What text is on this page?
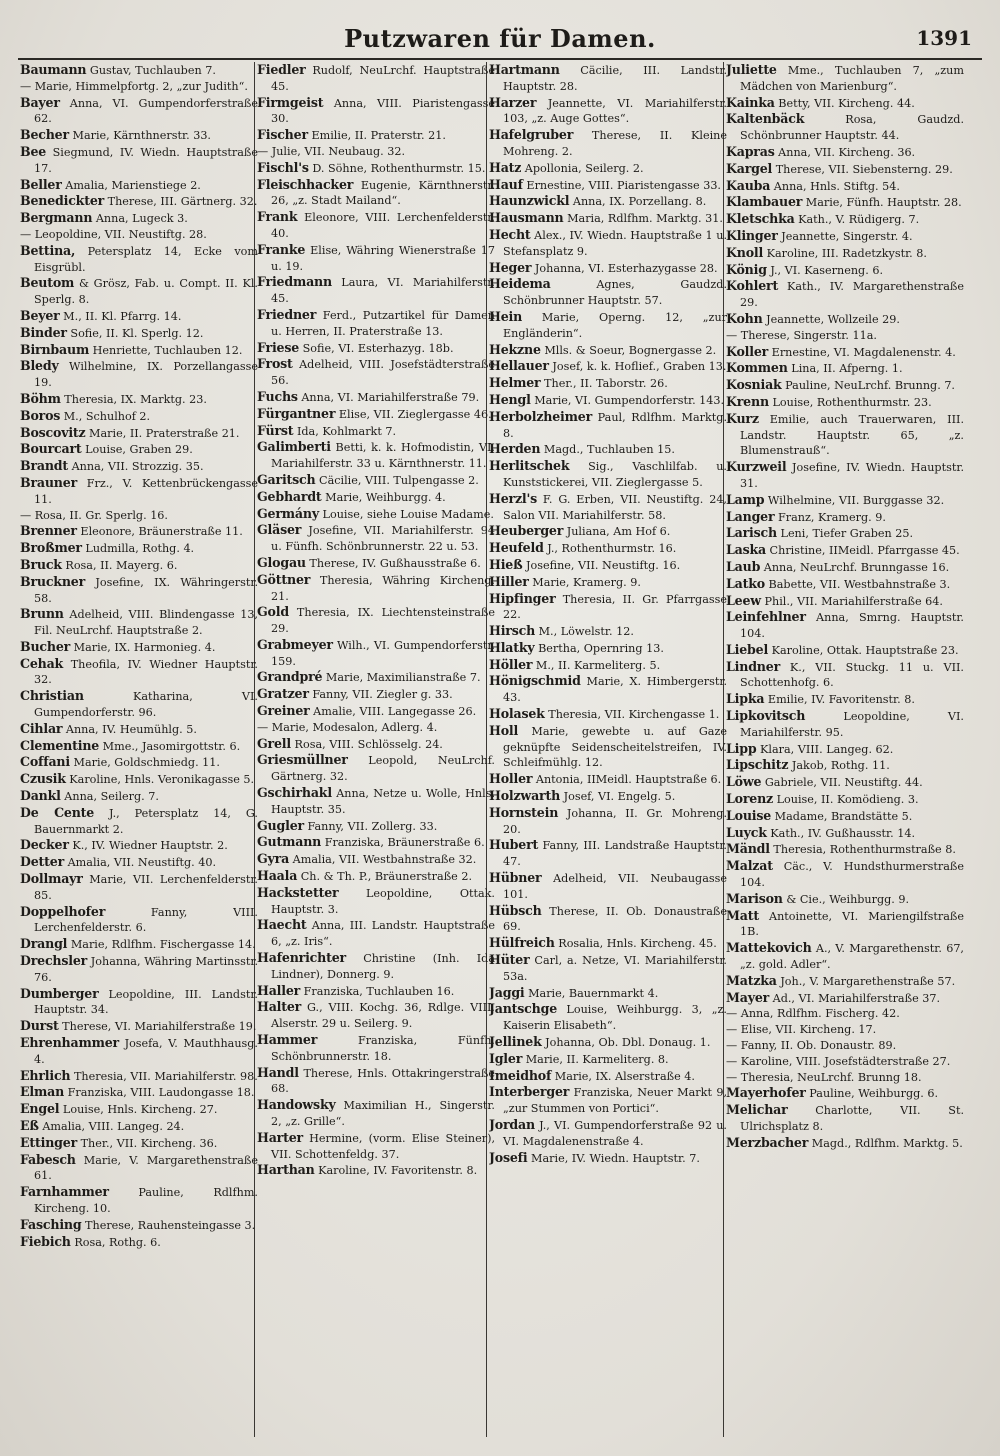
Putzwaren für Damen.	1391

Baumann Gustav, Tuchlauben 7.

— Marie, Himmelpfortg. 2, „zur Judith“.

Bayer Anna, VI. Gumpendorferstraße 62.

Becher Marie, Kärnthnerstr. 33.

Bee Siegmund, IV. Wiedn. Hauptstraße 17.

Beller Amalia, Marienstiege 2.

Benedickter Therese, III. Gärtnerg. 32.

Bergmann Anna, Lugeck 3.

— Leopoldine, VII. Neustiftg. 28.

Bettina, Petersplatz 14, Ecke vom Eisgrübl.

Beutom & Grösz, Fab. u. Compt. II. Kl. Sperlg. 8.

Beyer M., II. Kl. Pfarrg. 14.

Binder Sofie, II. Kl. Sperlg. 12.

Birnbaum Henriette, Tuchlauben 12.

Bledy Wilhelmine, IX. Porzellangasse 19.

Böhm Theresia, IX. Marktg. 23.

Boros M., Schulhof 2.

Boscovitz Marie, II. Praterstraße 21.

Bourcart Louise, Graben 29.

Brandt Anna, VII. Strozzig. 35.

Brauner Frz., V. Kettenbrückengasse 11.

— Rosa, II. Gr. Sperlg. 16.

Brenner Eleonore, Bräunerstraße 11.

Broßmer Ludmilla, Rothg. 4.

Bruck Rosa, II. Mayerg. 6.

Bruckner Josefine, IX. Währingerstr. 58.

Brunn Adelheid, VIII. Blindengasse 13, Fil. NeuLrchf. Hauptstraße 2.

Bucher Marie, IX. Harmonieg. 4.

Cehak Theofila, IV. Wiedner Hauptstr. 32.

Christian Katharina, VI. Gumpendorferstr. 96.

Cihlar Anna, IV. Heumühlg. 5.

Clementine Mme., Jasomirgottstr. 6.

Coffani Marie, Goldschmiedg. 11.

Czusik Karoline, Hnls. Veronikagasse 5.

Dankl Anna, Seilerg. 7.

De Cente J., Petersplatz 14, G. Bauernmarkt 2.

Decker K., IV. Wiedner Hauptstr. 2.

Detter Amalia, VII. Neustiftg. 40.

Dollmayr Marie, VII. Lerchenfelderstr. 85.

Doppelhofer Fanny, VIII. Lerchenfelderstr. 6.

Drangl Marie, Rdlfhm. Fischergasse 14.

Drechsler Johanna, Währing Martinsstr. 76.

Dumberger Leopoldine, III. Landstr. Hauptstr. 34.

Durst Therese, VI. Mariahilferstraße 19.

Ehrenhammer Josefa, V. Mauthhausg. 4.

Ehrlich Theresia, VII. Mariahilferstr. 98.

Elman Franziska, VIII. Laudongasse 18.

Engel Louise, Hnls. Kircheng. 27.

Eß Amalia, VIII. Langeg. 24.

Ettinger Ther., VII. Kircheng. 36.

Fabesch Marie, V. Margarethenstraße 61.

Farnhammer Pauline, Rdlfhm. Kircheng. 10.

Fasching Therese, Rauhensteingasse 3.

Fiebich Rosa, Rothg. 6.

Fiedler Rudolf, NeuLrchf. Hauptstraße 45.

Firmgeist Anna, VIII. Piaristengasse 30.

Fischer Emilie, II. Praterstr. 21.

— Julie, VII. Neubaug. 32.

Fischl's D. Söhne, Rothenthurmstr. 15.

Fleischhacker Eugenie, Kärnthnerstr. 26, „z. Stadt Mailand“.

Frank Eleonore, VIII. Lerchenfelderstr. 40.

Franke Elise, Währing Wienerstraße 17 u. 19.

Friedmann Laura, VI. Mariahilferstr. 45.

Friedner Ferd., Putzartikel für Damen u. Herren, II. Praterstraße 13.

Friese Sofie, VI. Esterhazyg. 18b.

Frost Adelheid, VIII. Josefstädterstraße 56.

Fuchs Anna, VI. Mariahilferstraße 79.

Fürgantner Elise, VII. Zieglergasse 46.

Fürst Ida, Kohlmarkt 7.

Galimberti Betti, k. k. Hofmodistin, VI. Mariahilferstr. 33 u. Kärnthnerstr. 11.

Garitsch Cäcilie, VIII. Tulpengasse 2.

Gebhardt Marie, Weihburgg. 4.

Germány Louise, siehe Louise Madame.

Gläser Josefine, VII. Mariahilferstr. 94 u. Fünfh. Schönbrunnerstr. 22 u. 53.

Glogau Therese, IV. Gußhausstraße 6.

Göttner Theresia, Währing Kircheng. 21.

Gold Theresia, IX. Liechtensteinstraße 29.

Grabmeyer Wilh., VI. Gumpendorferstr. 159.

Grandpré Marie, Maximilianstraße 7.

Gratzer Fanny, VII. Ziegler g. 33.

Greiner Amalie, VIII. Langegasse 26.

— Marie, Modesalon, Adlerg. 4.

Grell Rosa, VIII. Schlösselg. 24.

Griesmüllner Leopold, NeuLrchf. Gärtnerg. 32.

Gschirhakl Anna, Netze u. Wolle, Hnls. Hauptstr. 35.

Gugler Fanny, VII. Zollerg. 33.

Gutmann Franziska, Bräunerstraße 6.

Gyra Amalia, VII. Westbahnstraße 32.

Haala Ch. & Th. P., Bräunerstraße 2.

Hackstetter Leopoldine, Ottak. Hauptstr. 3.

Haecht Anna, III. Landstr. Hauptstraße 6, „z. Iris“.

Hafenrichter Christine (Inh. Ida Lindner), Donnerg. 9.

Haller Franziska, Tuchlauben 16.

Halter G., VIII. Kochg. 36, Rdlge. VIII. Alserstr. 29 u. Seilerg. 9.

Hammer Franziska, Fünfh. Schönbrunnerstr. 18.

Handl Therese, Hnls. Ottakringerstraße 68.

Handowsky Maximilian H., Singerstr. 2, „z. Grille“.

Harter Hermine, (vorm. Elise Steiner), VII. Schottenfeldg. 37.

Harthan Karoline, IV. Favoritenstr. 8.

Hartmann Cäcilie, III. Landstr. Hauptstr. 28.

Harzer Jeannette, VI. Mariahilferstr. 103, „z. Auge Gottes“.

Hafelgruber Therese, II. Kleine Mohreng. 2.

Hatz Apollonia, Seilerg. 2.

Hauf Ernestine, VIII. Piaristengasse 33.

Haunzwickl Anna, IX. Porzellang. 8.

Hausmann Maria, Rdlfhm. Marktg. 31.

Hecht Alex., IV. Wiedn. Hauptstraße 1 u. Stefansplatz 9.

Heger Johanna, VI. Esterhazygasse 28.

Heidema Agnes, Gaudzd. Schönbrunner Hauptstr. 57.

Hein Marie, Operng. 12, „zur Engländerin“.

Hekzne Mlls. & Soeur, Bognergasse 2.

Hellauer Josef, k. k. Hoflief., Graben 13.

Helmer Ther., II. Taborstr. 26.

Hengl Marie, VI. Gumpendorferstr. 143.

Herbolzheimer Paul, Rdlfhm. Marktg. 8.

Herden Magd., Tuchlauben 15.

Herlitschek Sig., Vaschlilfab. u. Kunststickerei, VII. Zieglergasse 5.

Herzl's F. G. Erben, VII. Neustiftg. 24, Salon VII. Mariahilferstr. 58.

Heuberger Juliana, Am Hof 6.

Heufeld J., Rothenthurmstr. 16.

Hieß Josefine, VII. Neustiftg. 16.

Hiller Marie, Kramerg. 9.

Hipfinger Theresia, II. Gr. Pfarrgasse 22.

Hirsch M., Löwelstr. 12.

Hlatky Bertha, Opernring 13.

Höller M., II. Karmeliterg. 5.

Hönigschmid Marie, X. Himbergerstr. 43.

Holasek Theresia, VII. Kirchengasse 1.

Holl Marie, gewebte u. auf Gaze geknüpfte Seidenscheitelstreifen, IV. Schleifmühlg. 12.

Holler Antonia, IIMeidl. Hauptstraße 6.

Holzwarth Josef, VI. Engelg. 5.

Hornstein Johanna, II. Gr. Mohreng. 20.

Hubert Fanny, III. Landstraße Hauptstr. 47.

Hübner Adelheid, VII. Neubaugasse 101.

Hübsch Therese, II. Ob. Donaustraße 69.

Hülfreich Rosalia, Hnls. Kircheng. 45.

Hüter Carl, a. Netze, VI. Mariahilferstr. 53a.

Jaggi Marie, Bauernmarkt 4.

Jantschge Louise, Weihburgg. 3, „z. Kaiserin Elisabeth“.

Jellinek Johanna, Ob. Dbl. Donaug. 1.

Igler Marie, II. Karmeliterg. 8.

Imeidhof Marie, IX. Alserstraße 4.

Interberger Franziska, Neuer Markt 9, „zur Stummen von Portici“.

Jordan J., VI. Gumpendorferstraße 92 u. VI. Magdalenenstraße 4.

Josefi Marie, IV. Wiedn. Hauptstr. 7.

Juliette Mme., Tuchlauben 7, „zum Mädchen von Marienburg“.

Kainka Betty, VII. Kircheng. 44.

Kaltenbäck Rosa, Gaudzd. Schönbrunner Hauptstr. 44.

Kapras Anna, VII. Kircheng. 36.

Kargel Therese, VII. Siebensterng. 29.

Kauba Anna, Hnls. Stiftg. 54.

Klambauer Marie, Fünfh. Hauptstr. 28.

Kletschka Kath., V. Rüdigerg. 7.

Klinger Jeannette, Singerstr. 4.

Knoll Karoline, III. Radetzkystr. 8.

König J., VI. Kaserneng. 6.

Kohlert Kath., IV. Margarethenstraße 29.

Kohn Jeannette, Wollzeile 29.

— Therese, Singerstr. 11a.

Koller Ernestine, VI. Magdalenenstr. 4.

Kommen Lina, II. Afperng. 1.

Kosniak Pauline, NeuLrchf. Brunng. 7.

Krenn Louise, Rothenthurmstr. 23.

Kurz Emilie, auch Trauerwaren, III. Landstr. Hauptstr. 65, „z. Blumenstrauß“.

Kurzweil Josefine, IV. Wiedn. Hauptstr. 31.

Lamp Wilhelmine, VII. Burggasse 32.

Langer Franz, Kramerg. 9.

Larisch Leni, Tiefer Graben 25.

Laska Christine, IIMeidl. Pfarrgasse 45.

Laub Anna, NeuLrchf. Brunngasse 16.

Latko Babette, VII. Westbahnstraße 3.

Leew Phil., VII. Mariahilferstraße 64.

Leinfehlner Anna, Smrng. Hauptstr. 104.

Liebel Karoline, Ottak. Hauptstraße 23.

Lindner K., VII. Stuckg. 11 u. VII. Schottenhofg. 6.

Lipka Emilie, IV. Favoritenstr. 8.

Lipkovitsch Leopoldine, VI. Mariahilferstr. 95.

Lipp Klara, VIII. Langeg. 62.

Lipschitz Jakob, Rothg. 11.

Löwe Gabriele, VII. Neustiftg. 44.

Lorenz Louise, II. Komödieng. 3.

Louise Madame, Brandstätte 5.

Luyck Kath., IV. Gußhausstr. 14.

Mändl Theresia, Rothenthurmstraße 8.

Malzat Cäc., V. Hundsthurmerstraße 104.

Marison & Cie., Weihburgg. 9.

Matt Antoinette, VI. Mariengilfstraße 1B.

Mattekovich A., V. Margarethenstr. 67, „z. gold. Adler“.

Matzka Joh., V. Margarethenstraße 57.

Mayer Ad., VI. Mariahilferstraße 37.

— Anna, Rdlfhm. Fischerg. 42.

— Elise, VII. Kircheng. 17.

— Fanny, II. Ob. Donaustr. 89.

— Karoline, VIII. Josefstädterstraße 27.

— Theresia, NeuLrchf. Brunng 18.

Mayerhofer Pauline, Weihburgg. 6.

Melichar Charlotte, VII. St. Ulrichsplatz 8.

Merzbacher Magd., Rdlfhm. Marktg. 5.
